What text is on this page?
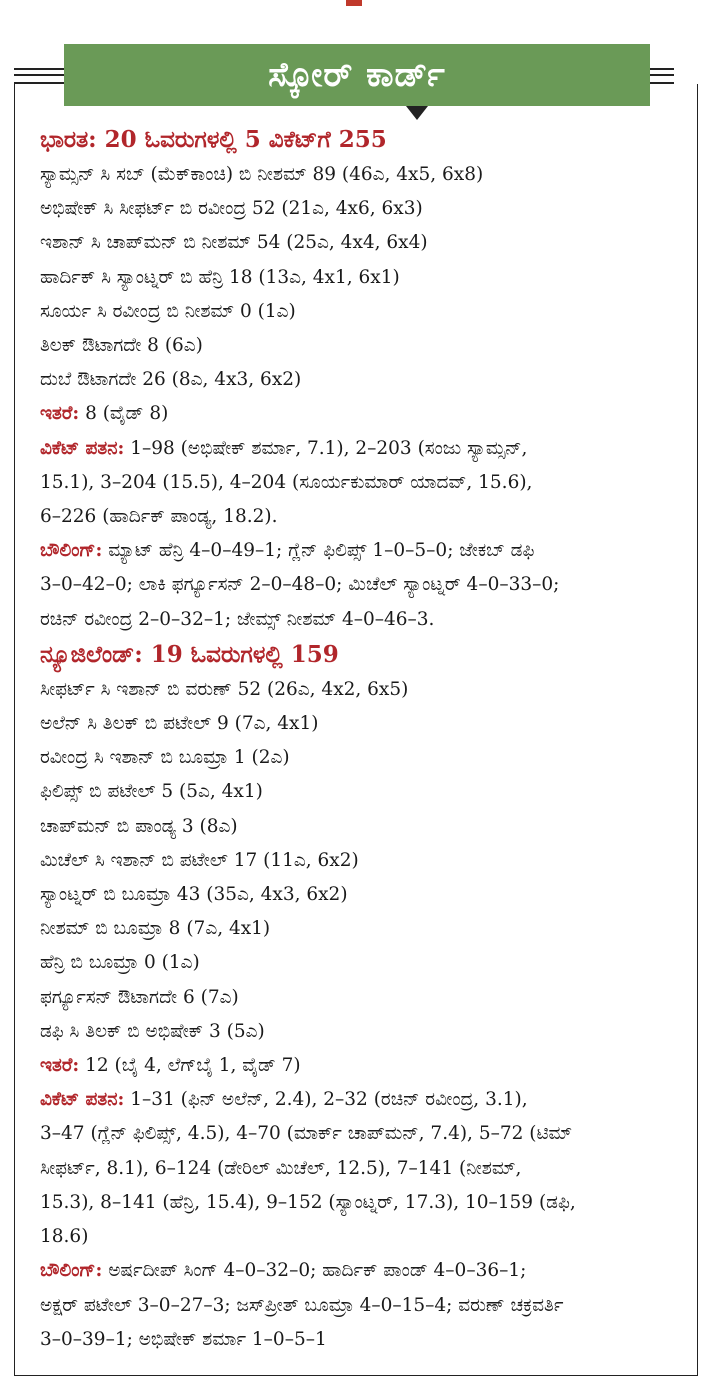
ಸ್ಕೋರ್ ಕಾರ್ಡ್
ಭಾರತ: 20 ಓವರುಗಳಲ್ಲಿ 5 ವಿಕೆಟ್‌ಗೆ 255
ಸ್ಯಾಮ್ಸನ್ ಸಿ ಸಬ್ (ಮೆಕ್‌ಕಾಂಚಿ) ಬಿ ನೀಶಮ್ 89 (46ಎ, 4x5, 6x8)
ಅಭಿಷೇಕ್ ಸಿ ಸೀಫರ್ಟ್ ಬಿ ರವೀಂದ್ರ 52 (21ಎ, 4x6, 6x3)
ಇಶಾನ್ ಸಿ ಚಾಪ್‌ಮನ್ ಬಿ ನೀಶಮ್ 54 (25ಎ, 4x4, 6x4)
ಹಾರ್ದಿಕ್ ಸಿ ಸ್ಯಾಂಟ್ನರ್ ಬಿ ಹೆನ್ರಿ 18 (13ಎ, 4x1, 6x1)
ಸೂರ್ಯ ಸಿ ರವೀಂದ್ರ ಬಿ ನೀಶಮ್ 0 (1ಎ)
ತಿಲಕ್ ಔಟಾಗದೇ 8 (6ಎ)
ದುಬೆ ಔಟಾಗದೇ 26 (8ಎ, 4x3, 6x2)
ಇತರೆ: 8 (ವೈಡ್ 8)
ವಿಕೆಟ್ ಪತನ: 1–98 (ಅಭಿಷೇಕ್ ಶರ್ಮಾ, 7.1), 2–203 (ಸಂಜು ಸ್ಯಾಮ್ಸನ್,
15.1), 3–204 (15.5), 4–204 (ಸೂರ್ಯಕುಮಾರ್ ಯಾದವ್, 15.6),
6–226 (ಹಾರ್ದಿಕ್ ಪಾಂಡ್ಯ, 18.2).
ಬೌಲಿಂಗ್: ಮ್ಯಾಟ್ ಹೆನ್ರಿ 4–0–49–1; ಗ್ಲೆನ್ ಫಿಲಿಪ್ಸ್ 1–0–5–0; ಜೇಕಬ್ ಡಫಿ
3–0–42–0; ಲಾಕಿ ಫರ್ಗ್ಯೂಸನ್ 2–0–48–0; ಮಿಚೆಲ್ ಸ್ಯಾಂಟ್ನರ್ 4–0–33–0;
ರಚಿನ್ ರವೀಂದ್ರ 2–0–32–1; ಜೇಮ್ಸ್ ನೀಶಮ್ 4–0–46–3.
ನ್ಯೂಜಿಲೆಂಡ್: 19 ಓವರುಗಳಲ್ಲಿ 159
ಸೀಫರ್ಟ್ ಸಿ ಇಶಾನ್ ಬಿ ವರುಣ್ 52 (26ಎ, 4x2, 6x5)
ಅಲೆನ್ ಸಿ ತಿಲಕ್ ಬಿ ಪಟೇಲ್ 9 (7ಎ, 4x1)
ರವೀಂದ್ರ ಸಿ ಇಶಾನ್ ಬಿ ಬೂಮ್ರಾ 1 (2ಎ)
ಫಿಲಿಪ್ಸ್ ಬಿ ಪಟೇಲ್ 5 (5ಎ, 4x1)
ಚಾಪ್‌ಮನ್ ಬಿ ಪಾಂಡ್ಯ 3 (8ಎ)
ಮಿಚೆಲ್ ಸಿ ಇಶಾನ್ ಬಿ ಪಟೇಲ್ 17 (11ಎ, 6x2)
ಸ್ಯಾಂಟ್ನರ್ ಬಿ ಬೂಮ್ರಾ 43 (35ಎ, 4x3, 6x2)
ನೀಶಮ್ ಬಿ ಬೂಮ್ರಾ 8 (7ಎ, 4x1)
ಹೆನ್ರಿ ಬಿ ಬೂಮ್ರಾ 0 (1ಎ)
ಫರ್ಗ್ಯೂಸನ್ ಔಟಾಗದೇ 6 (7ಎ)
ಡಫಿ ಸಿ ತಿಲಕ್ ಬಿ ಅಭಿಷೇಕ್ 3 (5ಎ)
ಇತರೆ: 12 (ಬೈ 4, ಲೆಗ್‌ಬೈ 1, ವೈಡ್ 7)
ವಿಕೆಟ್ ಪತನ: 1–31 (ಫಿನ್ ಅಲೆನ್, 2.4), 2–32 (ರಚಿನ್ ರವೀಂದ್ರ, 3.1),
3–47 (ಗ್ಲೆನ್ ಫಿಲಿಪ್ಸ್, 4.5), 4–70 (ಮಾರ್ಕ್ ಚಾಪ್‌ಮನ್, 7.4), 5–72 (ಟಿಮ್
ಸೀಫರ್ಟ್, 8.1), 6–124 (ಡೇರಿಲ್ ಮಿಚೆಲ್, 12.5), 7–141 (ನೀಶಮ್,
15.3), 8–141 (ಹೆನ್ರಿ, 15.4), 9–152 (ಸ್ಯಾಂಟ್ನರ್, 17.3), 10–159 (ಡಫಿ,
18.6)
ಬೌಲಿಂಗ್: ಅರ್ಷದೀಪ್ ಸಿಂಗ್ 4–0–32–0; ಹಾರ್ದಿಕ್ ಪಾಂಡ್ 4–0–36–1;
ಅಕ್ಷರ್ ಪಟೇಲ್ 3–0–27–3; ಜಸ್‌ಪ್ರೀತ್ ಬೂಮ್ರಾ 4–0–15–4; ವರುಣ್ ಚಕ್ರವರ್ತಿ
3–0–39–1; ಅಭಿಷೇಕ್ ಶರ್ಮಾ 1–0–5–1
